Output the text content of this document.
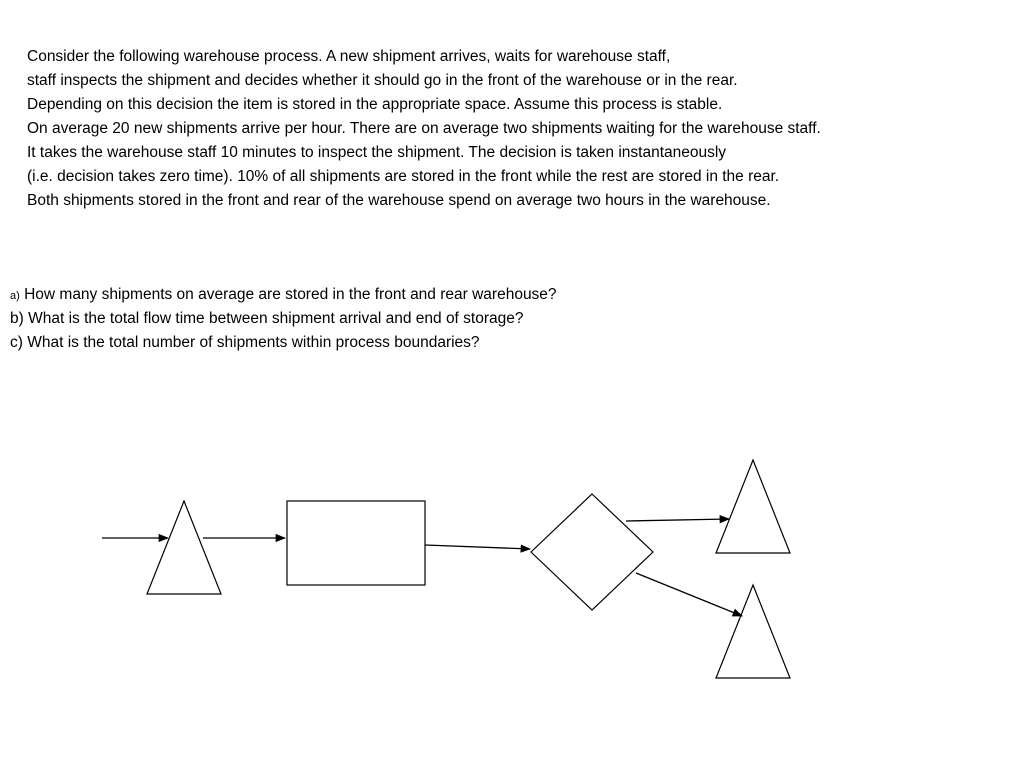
Consider the following warehouse process. A new shipment arrives, waits for warehouse staff,
staff inspects the shipment and decides whether it should go in the front of the warehouse or in the rear.
Depending on this decision the item is stored in the appropriate space. Assume this process is stable.
On average 20 new shipments arrive per hour. There are on average two shipments waiting for the warehouse staff.
It takes the warehouse staff 10 minutes to inspect the shipment. The decision is taken instantaneously
(i.e. decision takes zero time). 10% of all shipments are stored in the front while the rest are stored in the rear.
Both shipments stored in the front and rear of the warehouse spend on average two hours in the warehouse.
a) How many shipments on average are stored in the front and rear warehouse?
b) What is the total flow time between shipment arrival and end of storage?
c) What is the total number of shipments within process boundaries?
